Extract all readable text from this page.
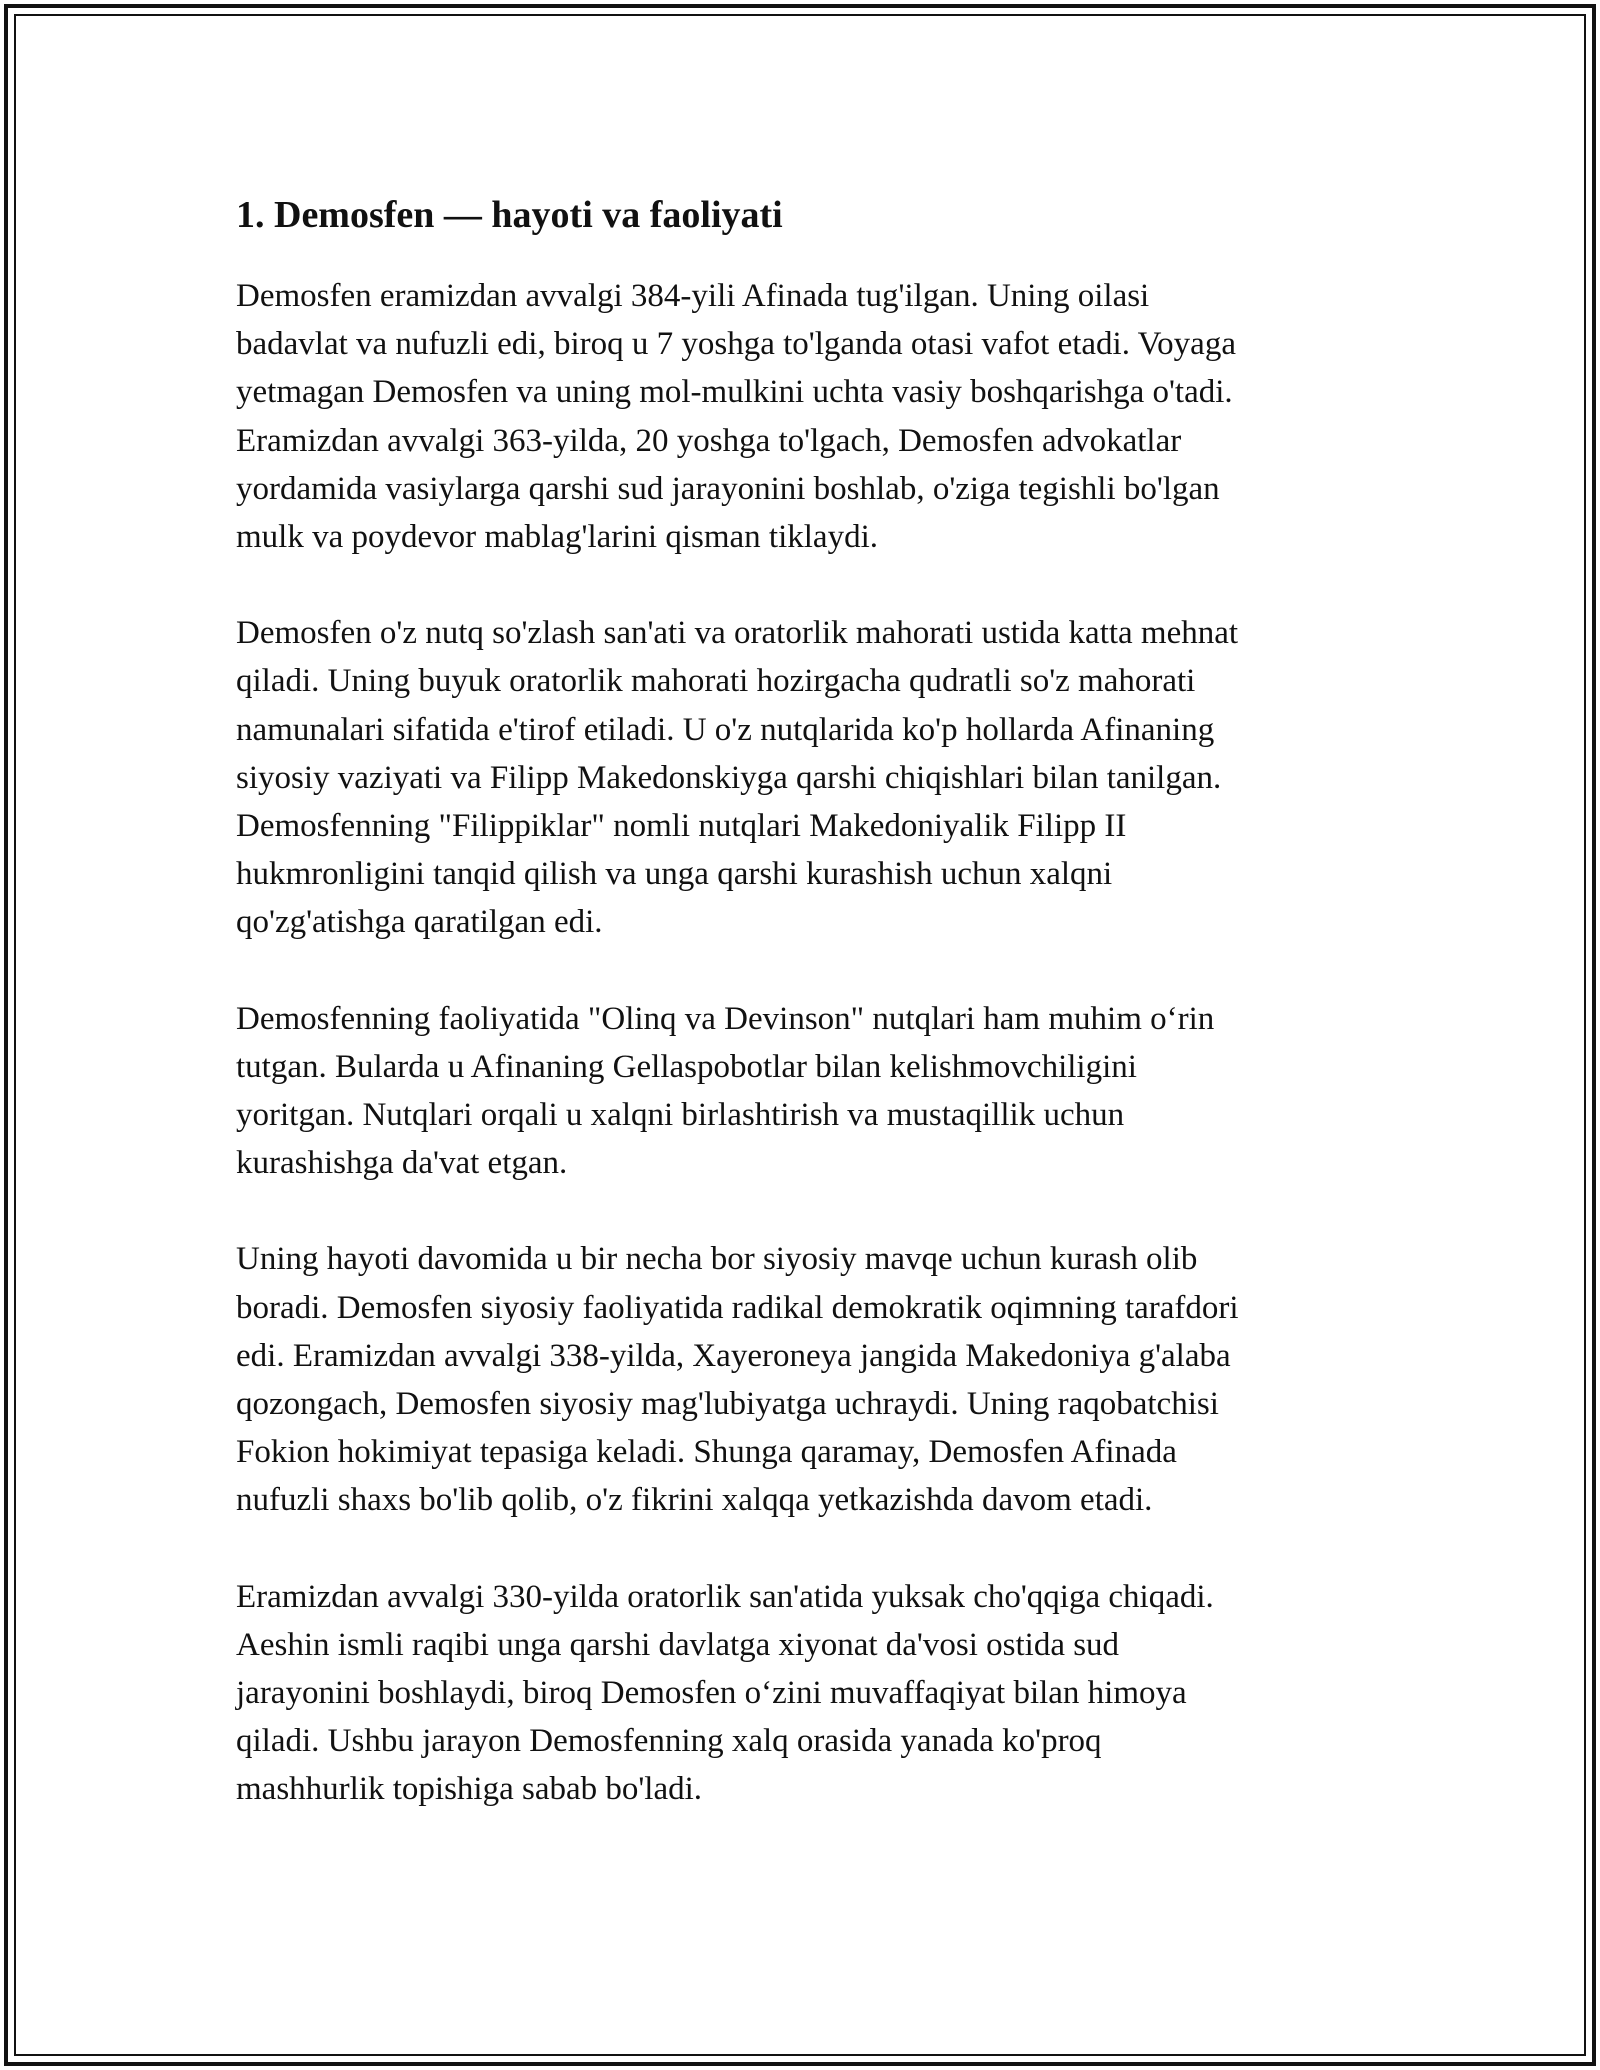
1. Demosfen — hayoti va faoliyati

Demosfen eramizdan avvalgi 384-yili Afinada tug'ilgan. Uning oilasi
badavlat va nufuzli edi, biroq u 7 yoshga to'lganda otasi vafot etadi. Voyaga
yetmagan Demosfen va uning mol-mulkini uchta vasiy boshqarishga o'tadi.
Eramizdan avvalgi 363-yilda, 20 yoshga to'lgach, Demosfen advokatlar
yordamida vasiylarga qarshi sud jarayonini boshlab, o'ziga tegishli bo'lgan
mulk va poydevor mablag'larini qisman tiklaydi.

Demosfen o'z nutq so'zlash san'ati va oratorlik mahorati ustida katta mehnat
qiladi. Uning buyuk oratorlik mahorati hozirgacha qudratli so'z mahorati
namunalari sifatida e'tirof etiladi. U o'z nutqlarida ko'p hollarda Afinaning
siyosiy vaziyati va Filipp Makedonskiyga qarshi chiqishlari bilan tanilgan.
Demosfenning "Filippiklar" nomli nutqlari Makedoniyalik Filipp II
hukmronligini tanqid qilish va unga qarshi kurashish uchun xalqni
qo'zg'atishga qaratilgan edi.

Demosfenning faoliyatida "Olinq va Devinson" nutqlari ham muhim o‘rin
tutgan. Bularda u Afinaning Gellaspobotlar bilan kelishmovchiligini
yoritgan. Nutqlari orqali u xalqni birlashtirish va mustaqillik uchun
kurashishga da'vat etgan.

Uning hayoti davomida u bir necha bor siyosiy mavqe uchun kurash olib
boradi. Demosfen siyosiy faoliyatida radikal demokratik oqimning tarafdori
edi. Eramizdan avvalgi 338-yilda, Xayeroneya jangida Makedoniya g'alaba
qozongach, Demosfen siyosiy mag'lubiyatga uchraydi. Uning raqobatchisi
Fokion hokimiyat tepasiga keladi. Shunga qaramay, Demosfen Afinada
nufuzli shaxs bo'lib qolib, o'z fikrini xalqqa yetkazishda davom etadi.

Eramizdan avvalgi 330-yilda oratorlik san'atida yuksak cho'qqiga chiqadi.
Aeshin ismli raqibi unga qarshi davlatga xiyonat da'vosi ostida sud
jarayonini boshlaydi, biroq Demosfen o‘zini muvaffaqiyat bilan himoya
qiladi. Ushbu jarayon Demosfenning xalq orasida yanada ko'proq
mashhurlik topishiga sabab bo'ladi.
